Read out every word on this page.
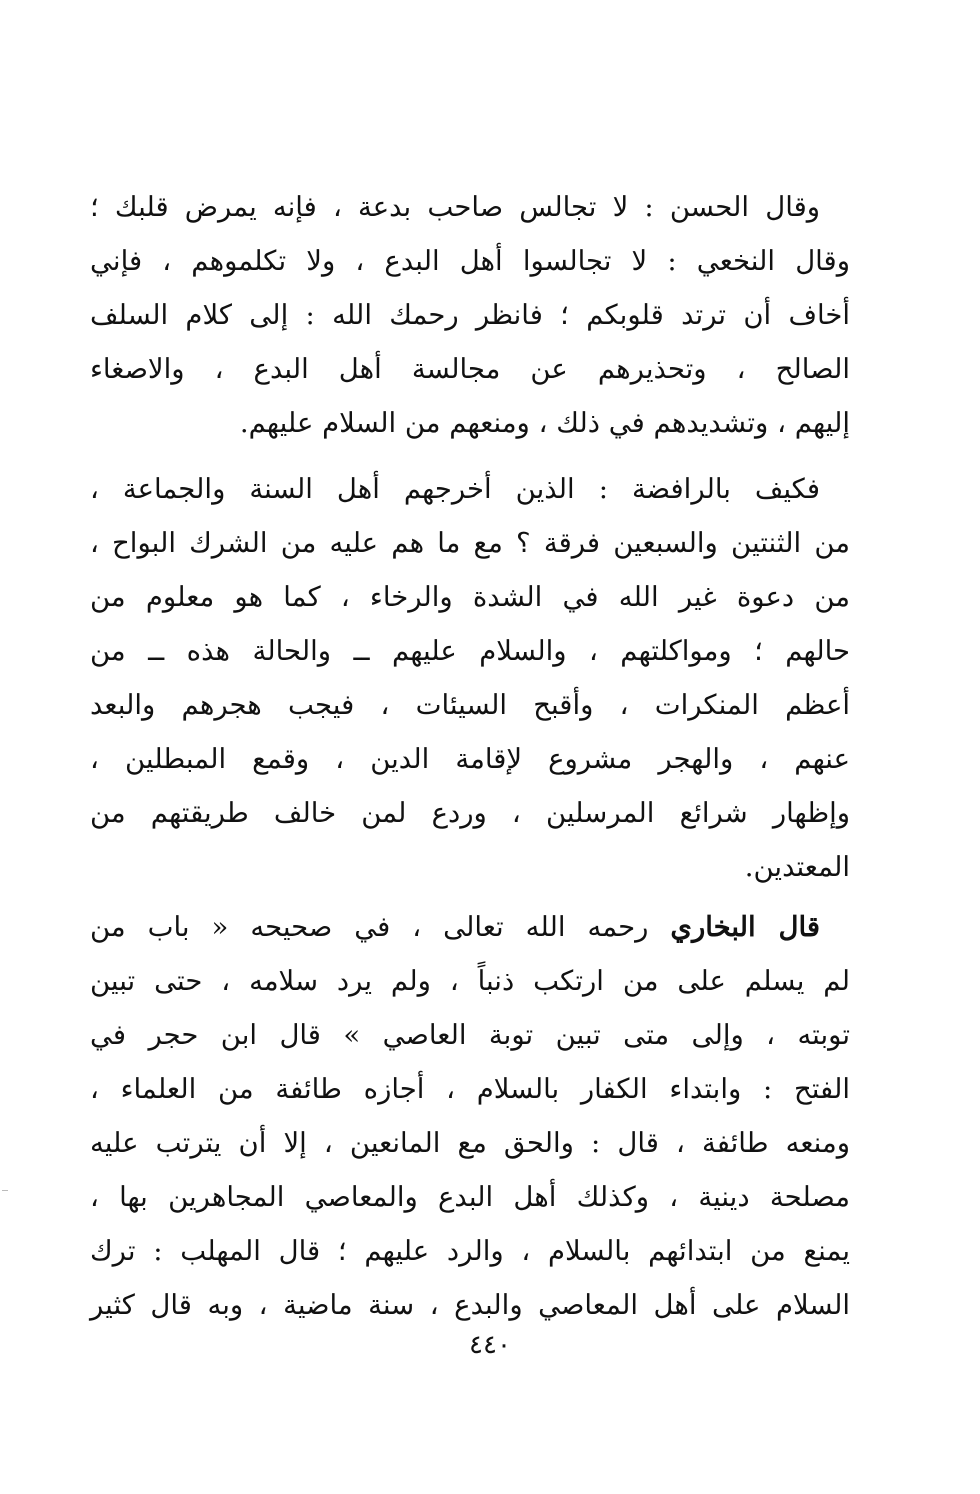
وقال الحسن : لا تجالس صاحب بدعة ، فإنه يمرض قلبك ؛
وقال النخعي : لا تجالسوا أهل البدع ، ولا تكلموهم ، فإني
أخاف أن ترتد قلوبكم ؛ فانظر رحمك الله : إلى كلام السلف
الصالح ، وتحذيرهم عن مجالسة أهل البدع ، والاصغاء
إليهم ، وتشديدهم في ذلك ، ومنعهم من السلام عليهم.
فكيف بالرافضة : الذين أخرجهم أهل السنة والجماعة ،
من الثنتين والسبعين فرقة ؟ مع ما هم عليه من الشرك البواح ،
من دعوة غير الله في الشدة والرخاء ، كما هو معلوم من
حالهم ؛ ومواكلتهم ، والسلام عليهم ــ والحالة هذه ــ من
أعظم المنكرات ، وأقبح السيئات ، فيجب هجرهم والبعد
عنهم ، والهجر مشروع لإقامة الدين ، وقمع المبطلين ،
وإظهار شرائع المرسلين ، وردع لمن خالف طريقتهم من
المعتدين.
قال البخاري رحمه الله تعالى ، في صحيحه « باب من
لم يسلم على من ارتكب ذنباً ، ولم يرد سلامه ، حتى تبين
توبته ، وإلى متى تبين توبة العاصي » قال ابن حجر في
الفتح : وابتداء الكفار بالسلام ، أجازه طائفة من العلماء ،
ومنعه طائفة ، قال : والحق مع المانعين ، إلا أن يترتب عليه
مصلحة دينية ، وكذلك أهل البدع والمعاصي المجاهرين بها ،
يمنع من ابتدائهم بالسلام ، والرد عليهم ؛ قال المهلب : ترك
السلام على أهل المعاصي والبدع ، سنة ماضية ، وبه قال كثير
٤٤٠
